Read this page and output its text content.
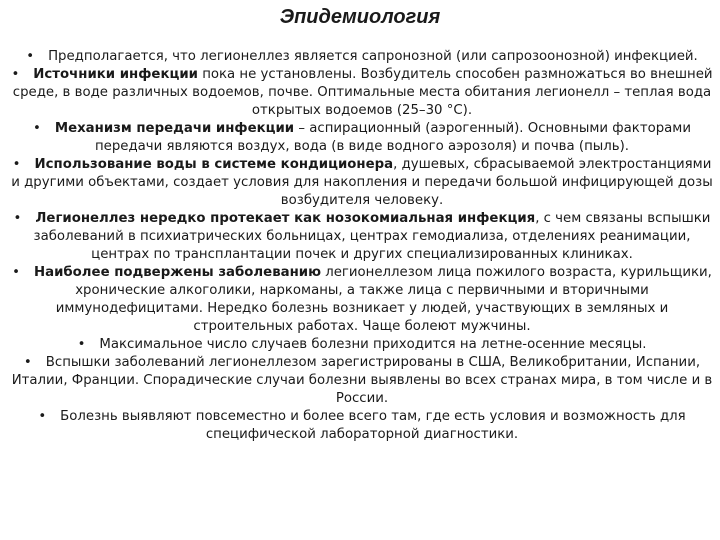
Эпидемиология

• Предполагается, что легионеллез является сапронозной (или сапрозоонозной) инфекцией.

• Источники инфекции пока не установлены. Возбудитель способен размножаться во внешней среде, в воде различных водоемов, почве. Оптимальные места обитания легионелл – теплая вода открытых водоемов (25–30 °С).

• Механизм передачи инфекции – аспирационный (аэрогенный). Основными факторами передачи являются воздух, вода (в виде водного аэрозоля) и почва (пыль).

• Использование воды в системе кондиционера, душевых, сбрасываемой электростанциями и другими объектами, создает условия для накопления и передачи большой инфицирующей дозы возбудителя человеку.

• Легионеллез нередко протекает как нозокомиальная инфекция, с чем связаны вспышки заболеваний в психиатрических больницах, центрах гемодиализа, отделениях реанимации, центрах по трансплантации почек и других специализированных клиниках.

• Наиболее подвержены заболеванию легионеллезом лица пожилого возраста, курильщики, хронические алкоголики, наркоманы, а также лица с первичными и вторичными иммунодефицитами. Нередко болезнь возникает у людей, участвующих в земляных и строительных работах. Чаще болеют мужчины.

• Максимальное число случаев болезни приходится на летне-осенние месяцы.

• Вспышки заболеваний легионеллезом зарегистрированы в США, Великобритании, Испании, Италии, Франции. Спорадические случаи болезни выявлены во всех странах мира, в том числе и в России.

• Болезнь выявляют повсеместно и более всего там, где есть условия и возможность для специфической лабораторной диагностики.
